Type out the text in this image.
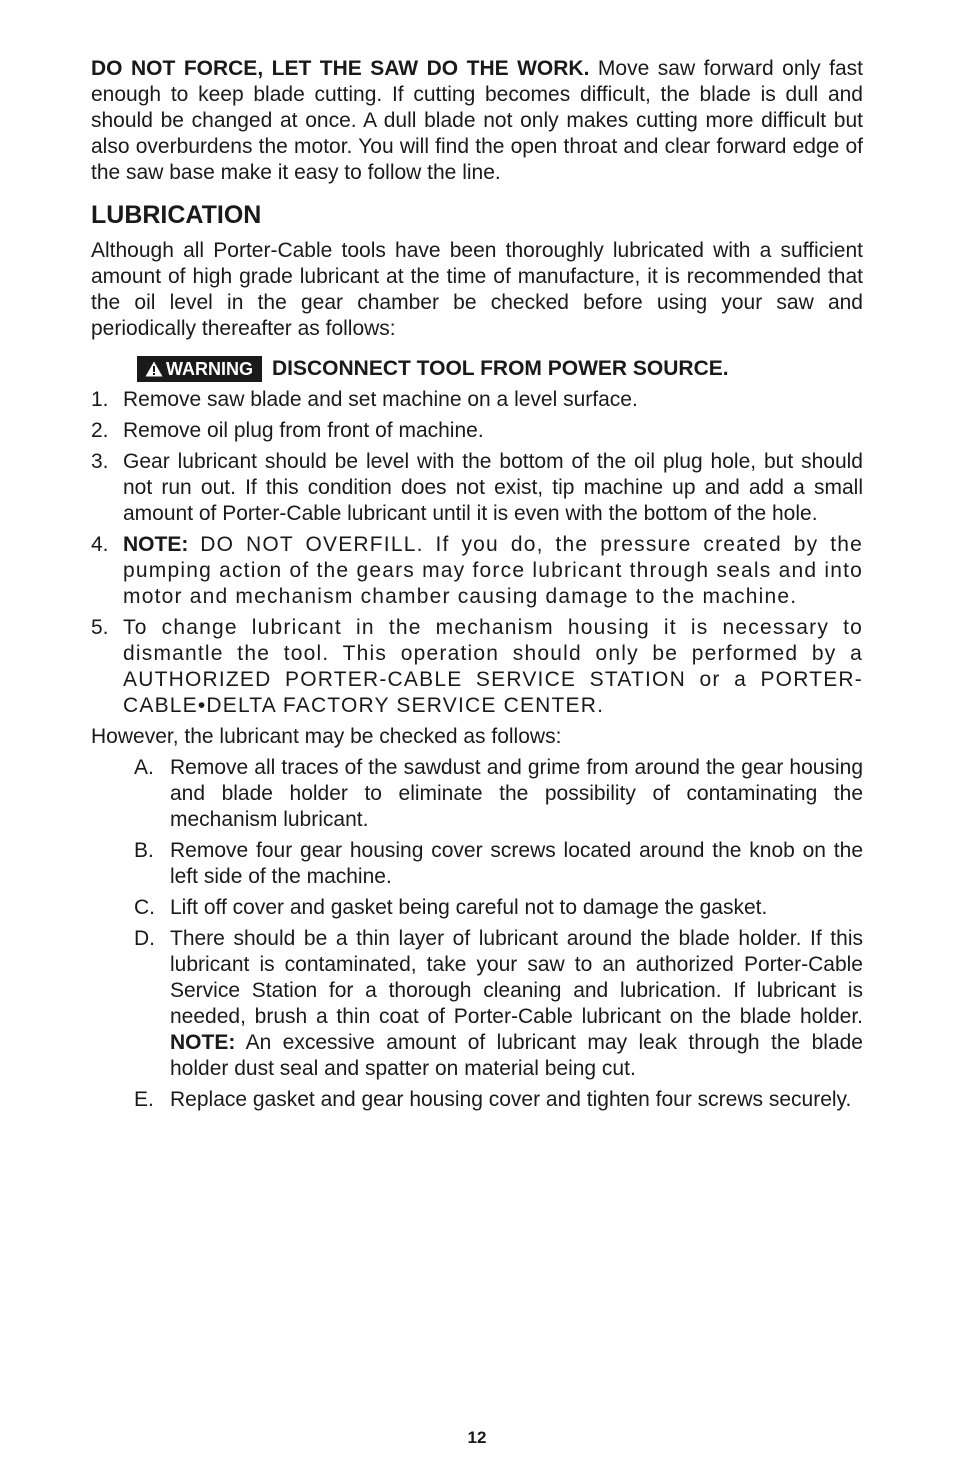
DO NOT FORCE, LET THE SAW DO THE WORK. Move saw forward only fast enough to keep blade cutting. If cutting becomes difficult, the blade is dull and should be changed at once. A dull blade not only makes cutting more difficult but also overburdens the motor. You will find the open throat and clear forward edge of the saw base make it easy to follow the line.

LUBRICATION

Although all Porter-Cable tools have been thoroughly lubricated with a sufficient amount of high grade lubricant at the time of manufacture, it is recommended that the oil level in the gear chamber be checked before using your saw and periodically thereafter as follows:

WARNING DISCONNECT TOOL FROM POWER SOURCE.
1. Remove saw blade and set machine on a level surface.
2. Remove oil plug from front of machine.
3. Gear lubricant should be level with the bottom of the oil plug hole, but should not run out. If this condition does not exist, tip machine up and add a small amount of Porter-Cable lubricant until it is even with the bottom of the hole.
4. NOTE: DO NOT OVERFILL. If you do, the pressure created by the pumping action of the gears may force lubricant through seals and into motor and mechanism chamber causing damage to the machine.
5. To change lubricant in the mechanism housing it is necessary to dismantle the tool. This operation should only be performed by a AUTHORIZED PORTER-CABLE SERVICE STATION or a PORTER-CABLE•DELTA FACTORY SERVICE CENTER.

However, the lubricant may be checked as follows:

A. Remove all traces of the sawdust and grime from around the gear housing and blade holder to eliminate the possibility of contaminating the mechanism lubricant.
B. Remove four gear housing cover screws located around the knob on the left side of the machine.
C. Lift off cover and gasket being careful not to damage the gasket.
D. There should be a thin layer of lubricant around the blade holder. If this lubricant is contaminated, take your saw to an authorized Porter-Cable Service Station for a thorough cleaning and lubrication. If lubricant is needed, brush a thin coat of Porter-Cable lubricant on the blade holder. NOTE: An excessive amount of lubricant may leak through the blade holder dust seal and spatter on material being cut.
E. Replace gasket and gear housing cover and tighten four screws securely.
12
